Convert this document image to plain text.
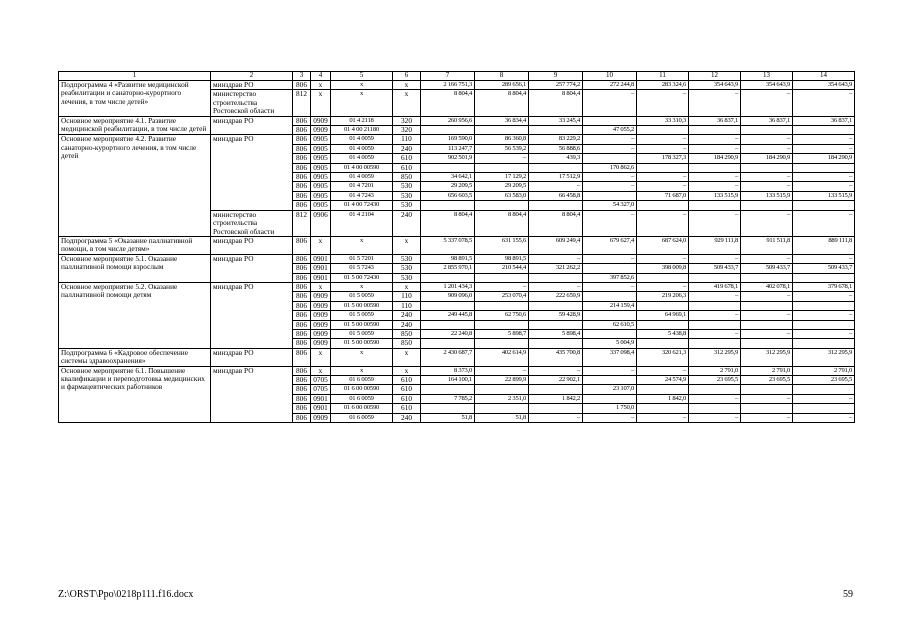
1	2	3	4	5	6	7	8	9	10	11	12	13	14
Подпрограмма 4 «Развитие медицинской реабилитации и санаторно-курортного лечения, в том числе детей»	минздрав РО	806	x	x	x	2 166 751,3	289 656,1	257 774,2	272 244,8	283 324,6	354 643,9	354 643,9	354 643,9
	министерство строительства Ростовской области	812	x	x	x	8 804,4	8 804,4	8 804,4	–	–	–	–	–
Основное мероприятие 4.1. Развитие медицинской реабилитации, в том числе детей	минздрав РО	806	0909	01 4 2118	320	260 956,6	36 834,4	33 245,4		33 310,3	36 837,1	36 837,1	36 837,1
		806	0909	01 4 00 21180	320				47 055,2				
Основное мероприятие 4.2. Развитие санаторно-курортного лечения, в том числе детей	минздрав РО	806	0905	01 4 0059	110	169 590,0	86 360,8	83 229,2	–	–	–	–	–
		806	0905	01 4 0059	240	113 247,7	56 539,2	56 888,6	–	–	–	–	–
		806	0905	01 4 0059	610	902 501,9	–	439,3		178 327,3	184 290,9	184 290,9	184 290,9
		806	0905	01 4 00 00590	610				170 862,6				
		806	0905	01 4 0059	850	34 642,1	17 129,2	17 512,9	–	–	–	–	–
		806	0905	01 4 7201	530	29 209,5	29 209,5	–	–	–	–	–	–
		806	0905	01 4 7243	530	656 603,5	63 583,0	66 458,8		71 687,0	133 515,9	133 515,9	133 515,9
		806	0905	01 4 00 72430	530				54 327,0				
	министерство строительства Ростовской области	812	0906	01 4 2104	240	8 804,4	8 804,4	8 804,4	–	–	–	–	–
Подпрограмма 5 «Оказание паллиативной помощи, в том числе детям»	минздрав РО	806	x	x	x	5 337 078,5	631 155,6	609 249,4	679 627,4	687 624,0	929 111,8	911 511,8	889 111,8
Основное мероприятие 5.1. Оказание паллиативной помощи взрослым	минздрав РО	806	0901	01 5 7201	530	98 891,5	98 891,5	–	–	–	–	–	–
		806	0901	01 5 7243	530	2 855 970,1	210 544,4	321 262,2		398 009,8	509 433,7	509 433,7	509 433,7
		806	0901	01 5 00 72430	530				397 852,6				
Основное мероприятие 5.2. Оказание паллиативной помощи детям	минздрав РО	806	x	x	x	1 201 434,3	–	–	–	–	419 678,1	402 078,1	379 678,1
		806	0909	01 5 0059	110	909 096,0	253 070,4	222 659,9		219 206,3	–	–	–
		806	0909	01 5 00 00590	110				214 159,4				
		806	0909	01 5 0059	240	249 445,8	62 750,6	59 428,9		64 969,1	–	–	–
		806	0909	01 5 00 00590	240				62 610,5				
		806	0909	01 5 0059	850	22 240,8	5 898,7	5 898,4		5 438,8	–	–	–
		806	0909	01 5 00 00590	850				5 004,9				
Подпрограмма 6 «Кадровое обеспечение системы здравоохранения»	минздрав РО	806	x	x	x	2 430 687,7	402 614,9	435 700,8	337 098,4	320 621,3	312 295,9	312 295,9	312 295,9
Основное мероприятие 6.1. Повышение квалификации и переподготовка медицинских и фармацевтических работников	минздрав РО	806	x	x	x	8 373,0	–	–	–	–	2 791,0	2 791,0	2 791,0
		806	0705	01 6 0059	610	164 100,1	22 899,9	22 902,1		24 574,9	23 695,5	23 695,5	23 695,5
		806	0705	01 6 00 00590	610				23 107,0				
		806	0901	01 6 0059	610	7 785,2	2 351,0	1 842,2		1 842,0	–	–	–
		806	0901	01 6 00 00590	610				1 750,0				
		806	0909	01 6 0059	240	51,8	51,8	–	–	–	–	–	–
Z:\ORST\Ppo\0218p111.f16.docx	59
